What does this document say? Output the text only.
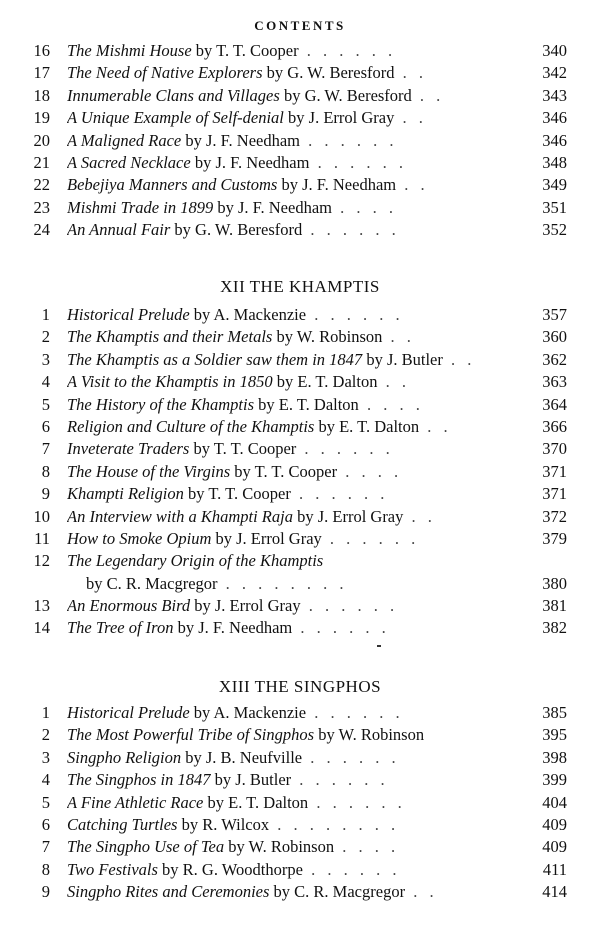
CONTENTS
16 The Mishmi House by T. T. Cooper . . . . . .	340
17 The Need of Native Explorers by G. W. Beresford . .	342
18 Innumerable Clans and Villages by G. W. Beresford . .	343
19 A Unique Example of Self-denial by J. Errol Gray . .	346
20 A Maligned Race by J. F. Needham . . . . . .	346
21 A Sacred Necklace by J. F. Needham . . . . . .	348
22 Bebejiya Manners and Customs by J. F. Needham . .	349
23 Mishmi Trade in 1899 by J. F. Needham . . . .	351
24 An Annual Fair by G. W. Beresford . . . . . .	352
XII THE KHAMPTIS
1 Historical Prelude by A. Mackenzie . . . . . .	357
2 The Khamptis and their Metals by W. Robinson . .	360
3 The Khamptis as a Soldier saw them in 1847 by J. Butler . .	362
4 A Visit to the Khamptis in 1850 by E. T. Dalton . .	363
5 The History of the Khamptis by E. T. Dalton . . . .	364
6 Religion and Culture of the Khamptis by E. T. Dalton . .	366
7 Inveterate Traders by T. T. Cooper . . . . . .	370
8 The House of the Virgins by T. T. Cooper . . . .	371
9 Khampti Religion by T. T. Cooper . . . . . .	371
10 An Interview with a Khampti Raja by J. Errol Gray . .	372
11 How to Smoke Opium by J. Errol Gray . . . . . .	379
12 The Legendary Origin of the Khamptis
by C. R. Macgregor . . . . . . . .	380
13 An Enormous Bird by J. Errol Gray . . . . . .	381
14 The Tree of Iron by J. F. Needham . . . . . .	382
XIII THE SINGPHOS
1 Historical Prelude by A. Mackenzie . . . . . .	385
2 The Most Powerful Tribe of Singphos by W. Robinson	395
3 Singpho Religion by J. B. Neufville . . . . . .	398
4 The Singphos in 1847 by J. Butler . . . . . .	399
5 A Fine Athletic Race by E. T. Dalton . . . . . .	404
6 Catching Turtles by R. Wilcox . . . . . . . .	409
7 The Singpho Use of Tea by W. Robinson . . . .	409
8 Two Festivals by R. G. Woodthorpe . . . . . .	411
9 Singpho Rites and Ceremonies by C. R. Macgregor . .	414
